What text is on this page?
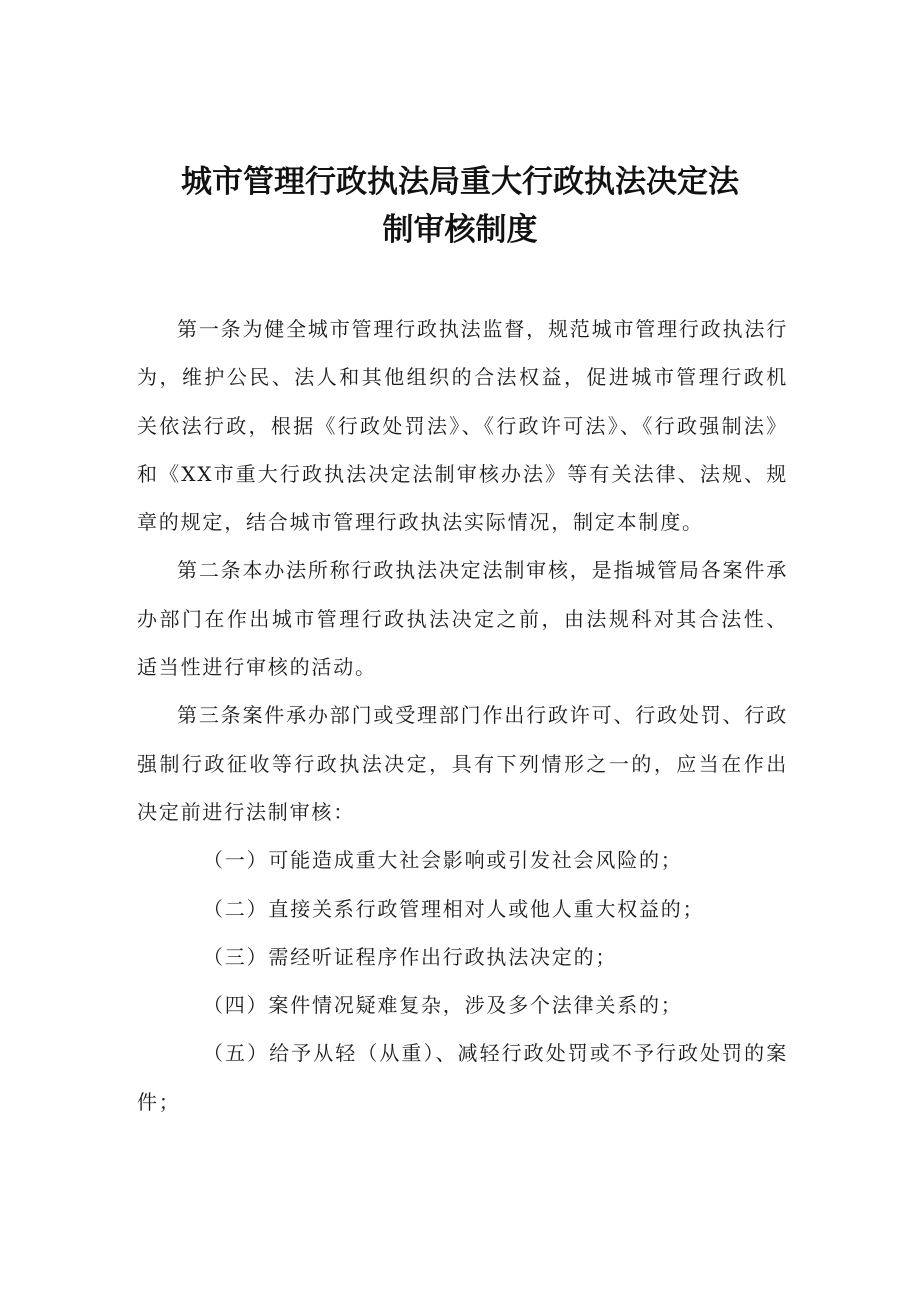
城市管理行政执法局重大行政执法决定法
制审核制度

第一条为健全城市管理行政执法监督，规范城市管理行政执法行为，维护公民、法人和其他组织的合法权益，促进城市管理行政机关依法行政，根据《行政处罚法》、《行政许可法》、《行政强制法》和《XX市重大行政执法决定法制审核办法》等有关法律、法规、规章的规定，结合城市管理行政执法实际情况，制定本制度。

第二条本办法所称行政执法决定法制审核，是指城管局各案件承办部门在作出城市管理行政执法决定之前，由法规科对其合法性、适当性进行审核的活动。

第三条案件承办部门或受理部门作出行政许可、行政处罚、行政强制行政征收等行政执法决定，具有下列情形之一的，应当在作出决定前进行法制审核：

（一）可能造成重大社会影响或引发社会风险的；

（二）直接关系行政管理相对人或他人重大权益的；

（三）需经听证程序作出行政执法决定的；

（四）案件情况疑难复杂，涉及多个法律关系的；

（五）给予从轻（从重）、减轻行政处罚或不予行政处罚的案件；
